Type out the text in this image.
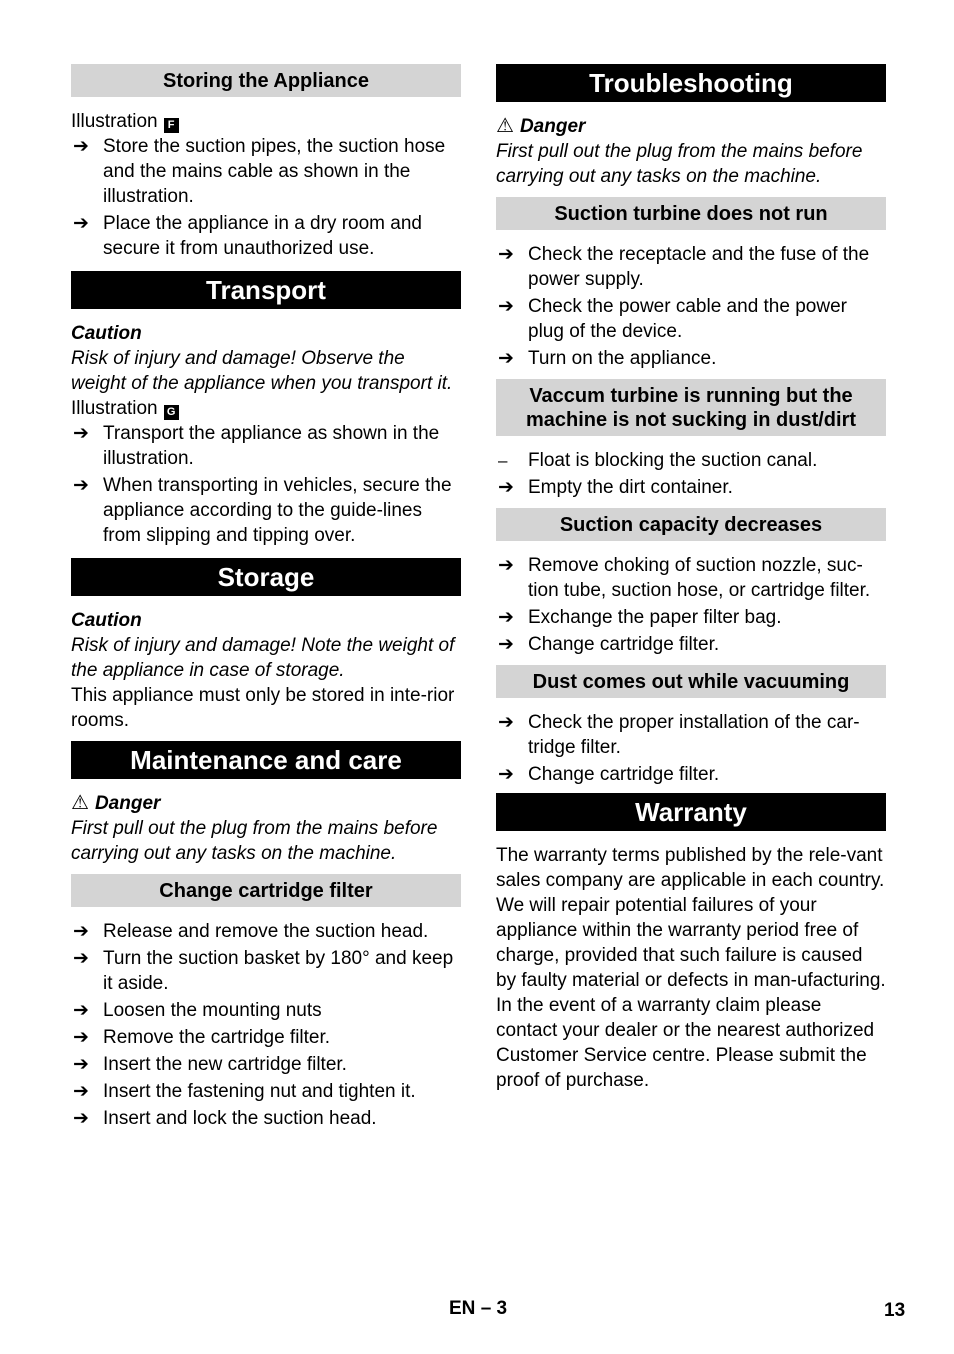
Storing the Appliance
Illustration F
➔ Store the suction pipes, the suction hose and the mains cable as shown in the illustration.
➔ Place the appliance in a dry room and secure it from unauthorized use.
Transport
Caution
Risk of injury and damage! Observe the weight of the appliance when you transport it.
Illustration G
➔ Transport the appliance as shown in the illustration.
➔ When transporting in vehicles, secure the appliance according to the guide-lines from slipping and tipping over.
Storage
Caution
Risk of injury and damage! Note the weight of the appliance in case of storage.
This appliance must only be stored in inte-rior rooms.
Maintenance and care
⚠ Danger
First pull out the plug from the mains before carrying out any tasks on the machine.
Change cartridge filter
➔ Release and remove the suction head.
➔ Turn the suction basket by 180° and keep it aside.
➔ Loosen the mounting nuts
➔ Remove the cartridge filter.
➔ Insert the new cartridge filter.
➔ Insert the fastening nut and tighten it.
➔ Insert and lock the suction head.
Troubleshooting
⚠ Danger
First pull out the plug from the mains before carrying out any tasks on the machine.
Suction turbine does not run
➔ Check the receptacle and the fuse of the power supply.
➔ Check the power cable and the power plug of the device.
➔ Turn on the appliance.
Vaccum turbine is running but the machine is not sucking in dust/dirt
– Float is blocking the suction canal.
➔ Empty the dirt container.
Suction capacity decreases
➔ Remove choking of suction nozzle, suc-tion tube, suction hose, or cartridge filter.
➔ Exchange the paper filter bag.
➔ Change cartridge filter.
Dust comes out while vacuuming
➔ Check the proper installation of the car-tridge filter.
➔ Change cartridge filter.
Warranty
The warranty terms published by the rele-vant sales company are applicable in each country. We will repair potential failures of your appliance within the warranty period free of charge, provided that such failure is caused by faulty material or defects in man-ufacturing. In the event of a warranty claim please contact your dealer or the nearest authorized Customer Service centre. Please submit the proof of purchase.
EN – 3	13
